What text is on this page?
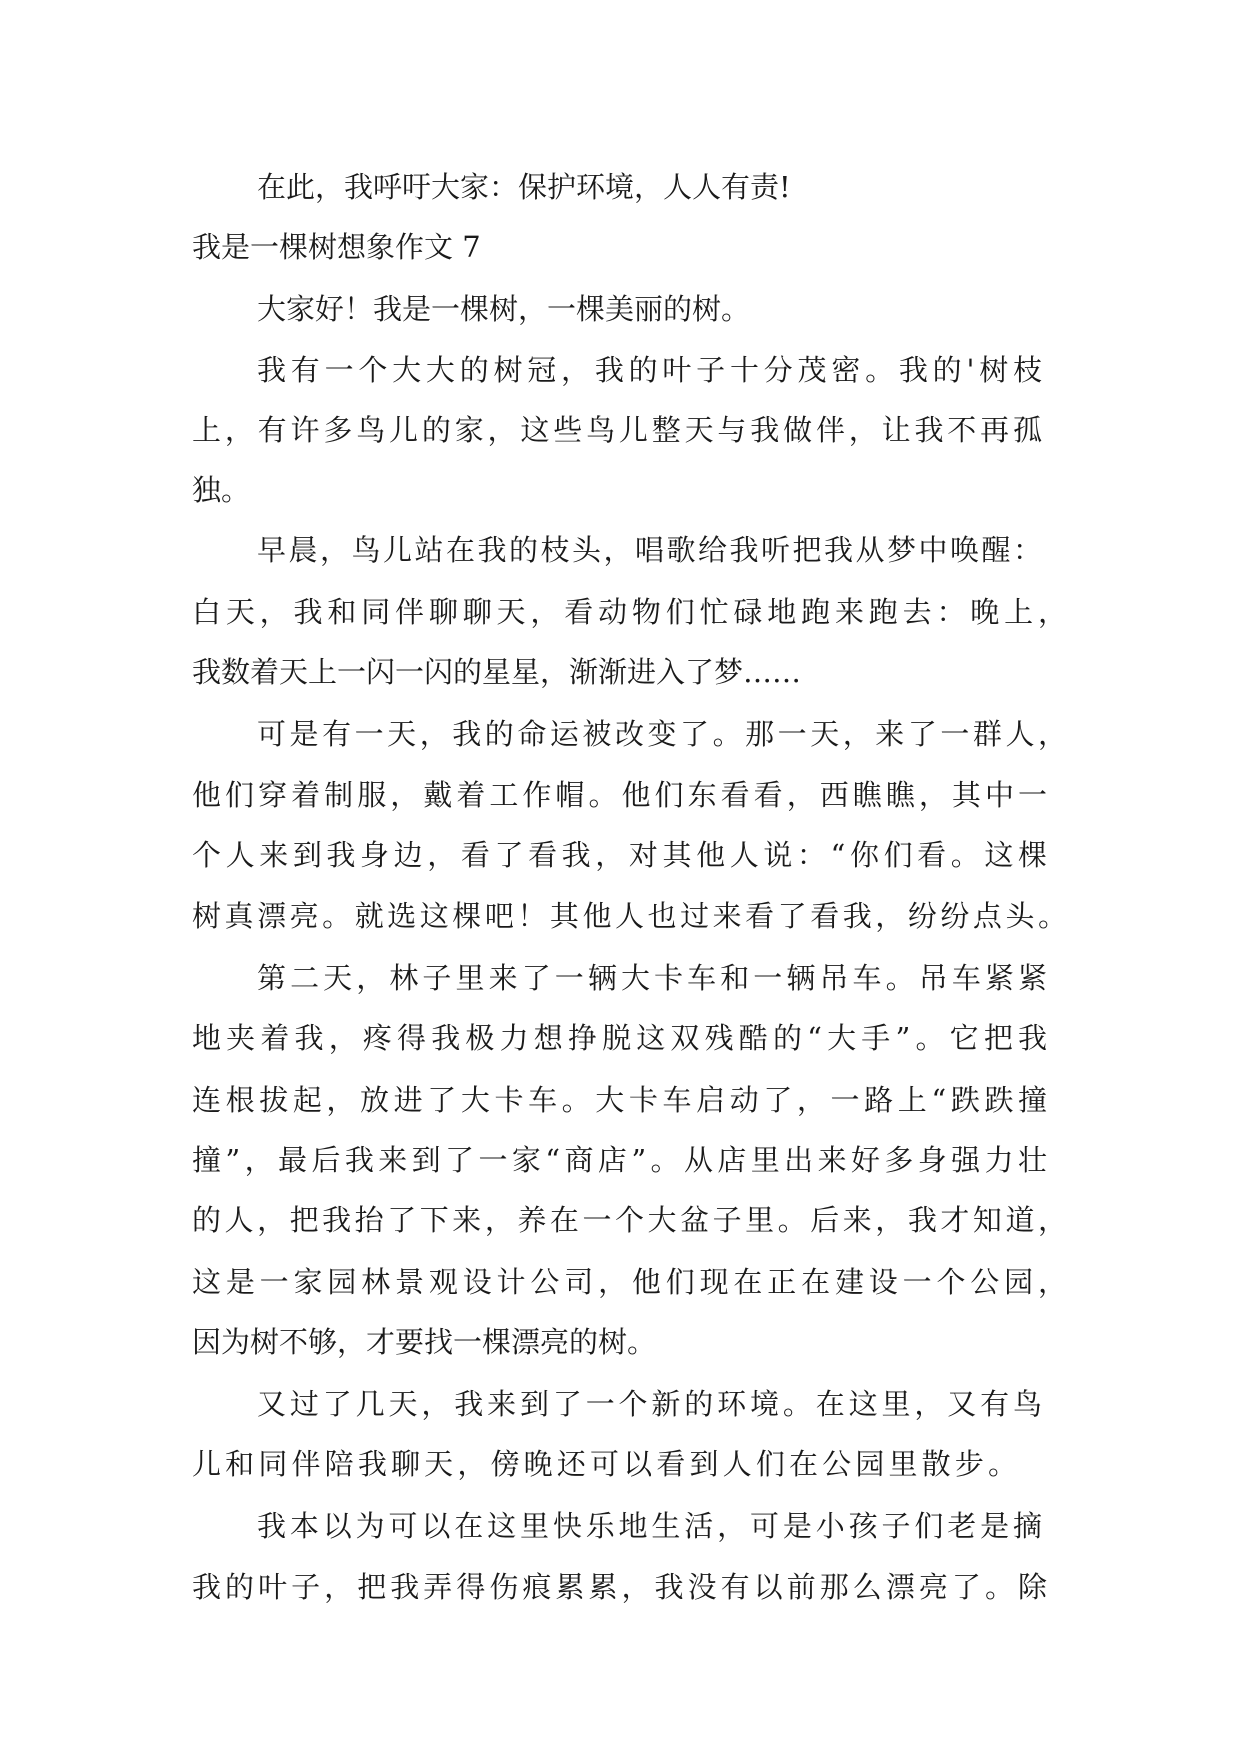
在此，我呼吁大家：保护环境，人人有责!
我是一棵树想象作文 7
大家好！我是一棵树，一棵美丽的树。
我有一个大大的树冠，我的叶子十分茂密。我的'树枝
上，有许多鸟儿的家，这些鸟儿整天与我做伴，让我不再孤
独。
早晨，鸟儿站在我的枝头，唱歌给我听把我从梦中唤醒：
白天，我和同伴聊聊天，看动物们忙碌地跑来跑去：晚上，
我数着天上一闪一闪的星星，渐渐进入了梦……
可是有一天，我的命运被改变了。那一天，来了一群人，
他们穿着制服，戴着工作帽。他们东看看，西瞧瞧，其中一
个人来到我身边，看了看我，对其他人说：“你们看。这棵
树真漂亮。就选这棵吧！其他人也过来看了看我，纷纷点头。
第二天，林子里来了一辆大卡车和一辆吊车。吊车紧紧
地夹着我，疼得我极力想挣脱这双残酷的“大手”。它把我
连根拔起，放进了大卡车。大卡车启动了，一路上“跌跌撞
撞”，最后我来到了一家“商店”。从店里出来好多身强力壮
的人，把我抬了下来，养在一个大盆子里。后来，我才知道，
这是一家园林景观设计公司，他们现在正在建设一个公园，
因为树不够，才要找一棵漂亮的树。
又过了几天，我来到了一个新的环境。在这里，又有鸟
儿和同伴陪我聊天，傍晚还可以看到人们在公园里散步。
我本以为可以在这里快乐地生活，可是小孩子们老是摘
我的叶子，把我弄得伤痕累累，我没有以前那么漂亮了。除
